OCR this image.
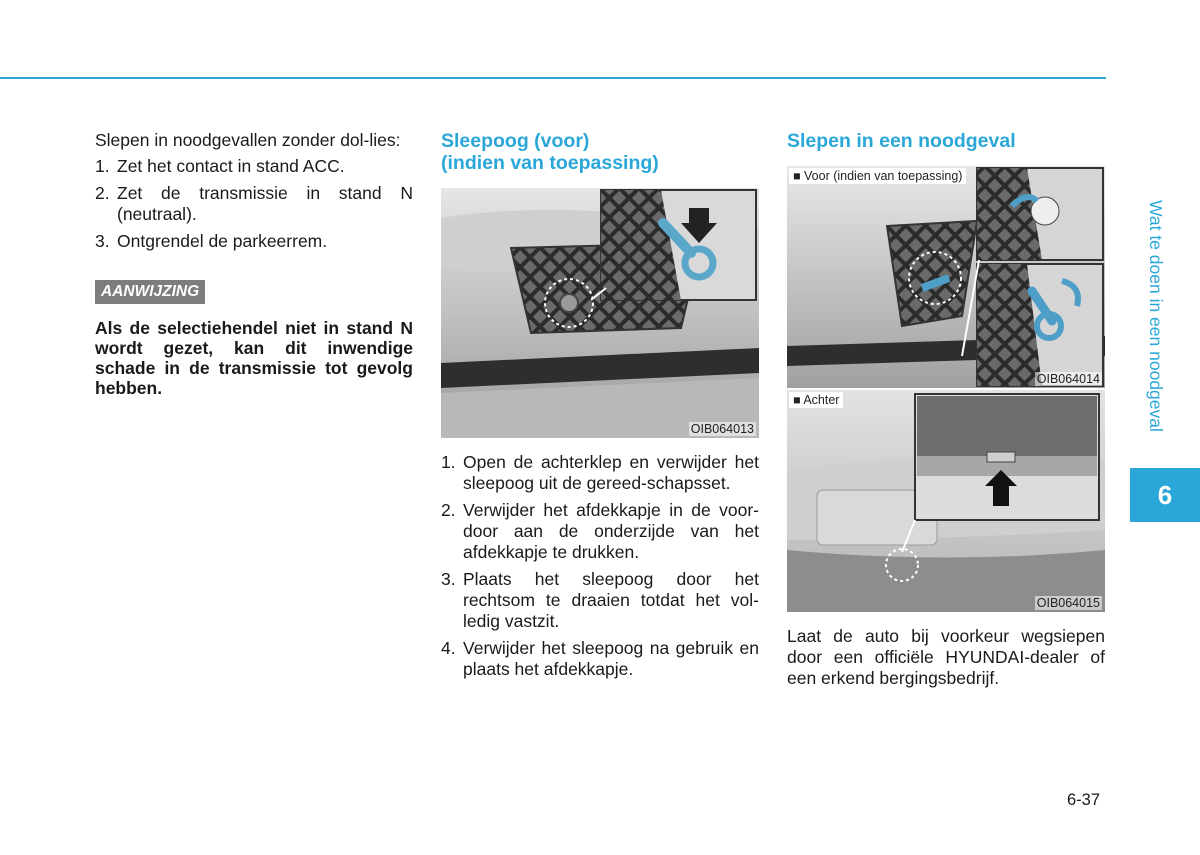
Slepen in noodgevallen zonder dol-lies:

1. Zet het contact in stand ACC.
2. Zet de transmissie in stand N (neutraal).
3. Ontgrendel de parkeerrem.
AANWIJZING
Als de selectiehendel niet in stand N wordt gezet, kan dit inwendige schade in de transmissie tot gevolg hebben.
Sleepoog (voor)
(indien van toepassing)
OIB064013
1. Open de achterklep en verwijder het sleepoog uit de gereed-schapsset.
2. Verwijder het afdekkapje in de voor- door aan de onderzijde van het afdekkapje te drukken.
3. Plaats het sleepoog door het rechtsom te draaien totdat het vol-ledig vastzit.
4. Verwijder het sleepoog na gebruik en plaats het afdekkapje.
Slepen in een noodgeval
■ Voor (indien van toepassing)
OIB064014
■ Achter
OIB064015

Laat de auto bij voorkeur wegsiepen door een officiële HYUNDAI-dealer of een erkend bergingsbedrijf.

Wat te doen in een noodgeval
6
6-37
